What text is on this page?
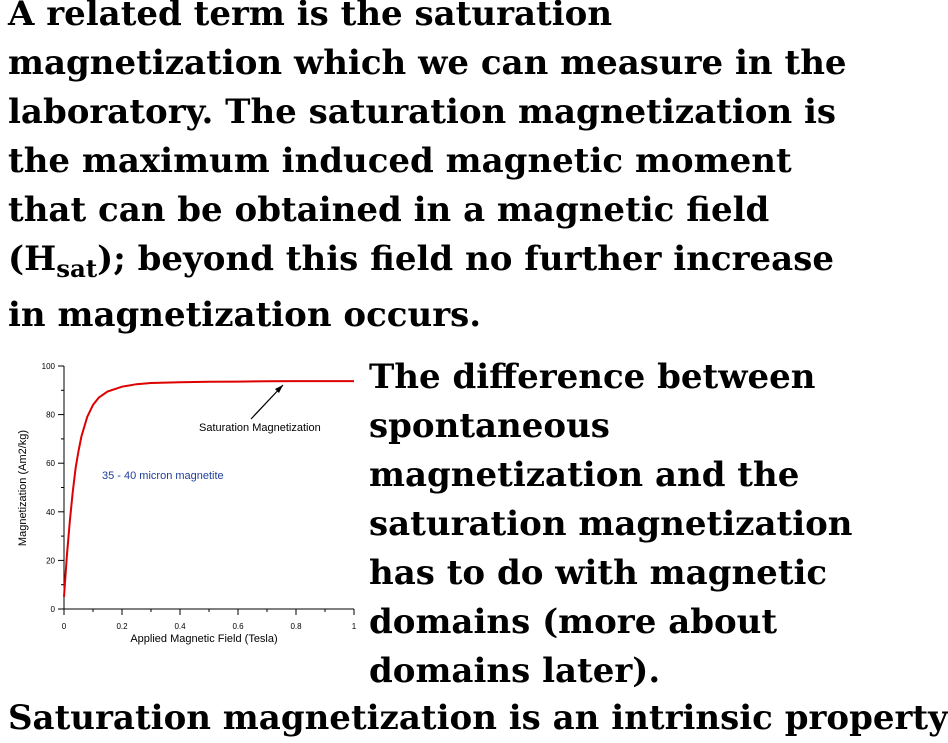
A related term is the saturation
magnetization which we can measure in the
laboratory. The saturation magnetization is
the maximum induced magnetic moment
that can be obtained in a magnetic field
$(H_{sat})$; beyond this field no further increase
in magnetization occurs.

0
20
40
60
80
100
0	0.2	0.4	0.6	0.8	1
Saturation Magnetization
35 - 40 micron magnetite
Applied Magnetic Field (Tesla)
Magnetization (Am2/kg)

The difference between
spontaneous
magnetization and the
saturation magnetization
has to do with magnetic
domains (more about
domains later).

Saturation magnetization is an intrinsic property
